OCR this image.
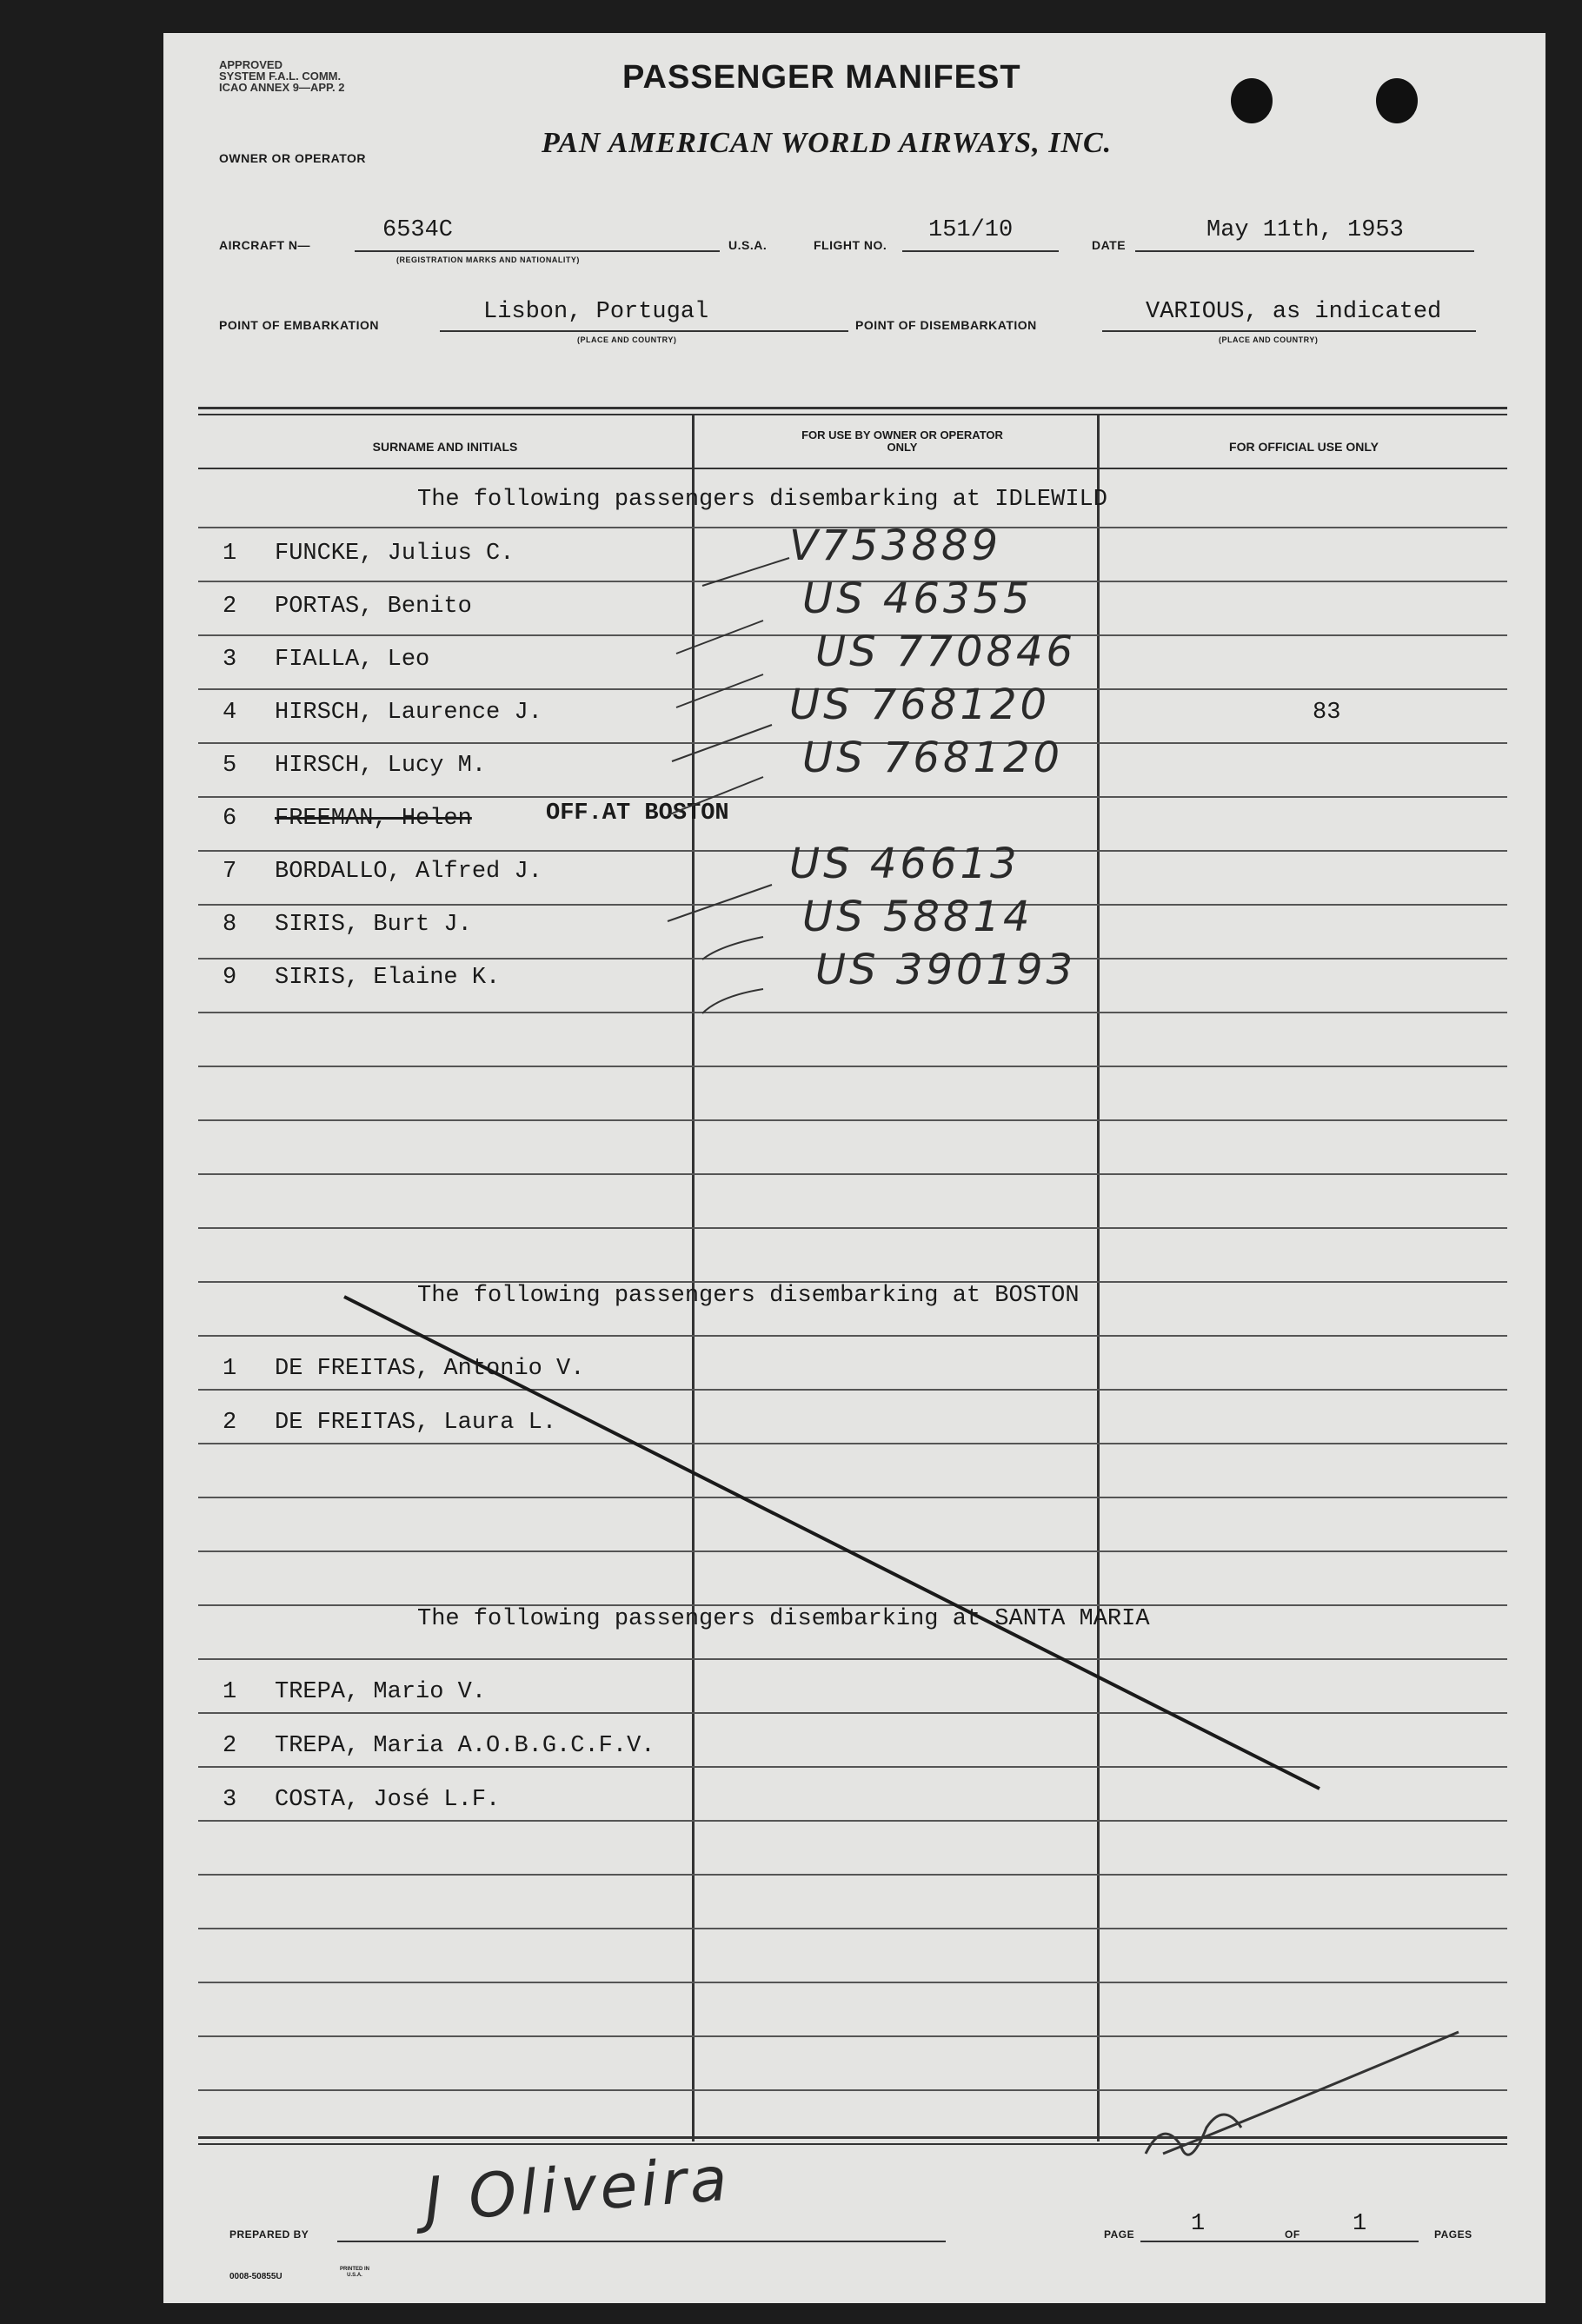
APPROVED
SYSTEM F.A.L. COMM.
ICAO ANNEX 9—APP. 2	PASSENGER MANIFEST
OWNER OR OPERATOR	PAN AMERICAN WORLD AIRWAYS, INC.
AIRCRAFT N—
6534C
(REGISTRATION MARKS AND NATIONALITY)
U.S.A.	FLIGHT NO.
151/10
DATE
May 11th, 1953
POINT OF EMBARKATION	Lisbon, Portugal
(PLACE AND COUNTRY)
POINT OF DISEMBARKATION	VARIOUS, as indicated
(PLACE AND COUNTRY)
SURNAME AND INITIALS
FOR USE BY OWNER OR OPERATOR ONLY	FOR OFFICIAL USE ONLY
The following passengers disembarking at IDLEWILD
1 FUNCKE, Julius C.	V753889
2 PORTAS, Benito	US 46355
3 FIALLA, Leo	US 770846
4 HIRSCH, Laurence J.	US 768120	83
5 HIRSCH, Lucy M.	US 768120
6 FREEMAN, Helen	OFF.AT BOSTON
7 BORDALLO, Alfred J.	US 46613
8 SIRIS, Burt J.	US 58814
9 SIRIS, Elaine K.	US 390193
The following passengers disembarking at BOSTON
1 DE FREITAS, Antonio V.
2 DE FREITAS, Laura L.
The following passengers disembarking at SANTA MARIA
1 TREPA, Mario V.
2 TREPA, Maria A.O.B.G.C.F.V.
3 COSTA, José L.F.
PREPARED BY J Oliveira	PAGE 1	OF 1	PAGES
0008-50855U
PRINTED IN U.S.A.
